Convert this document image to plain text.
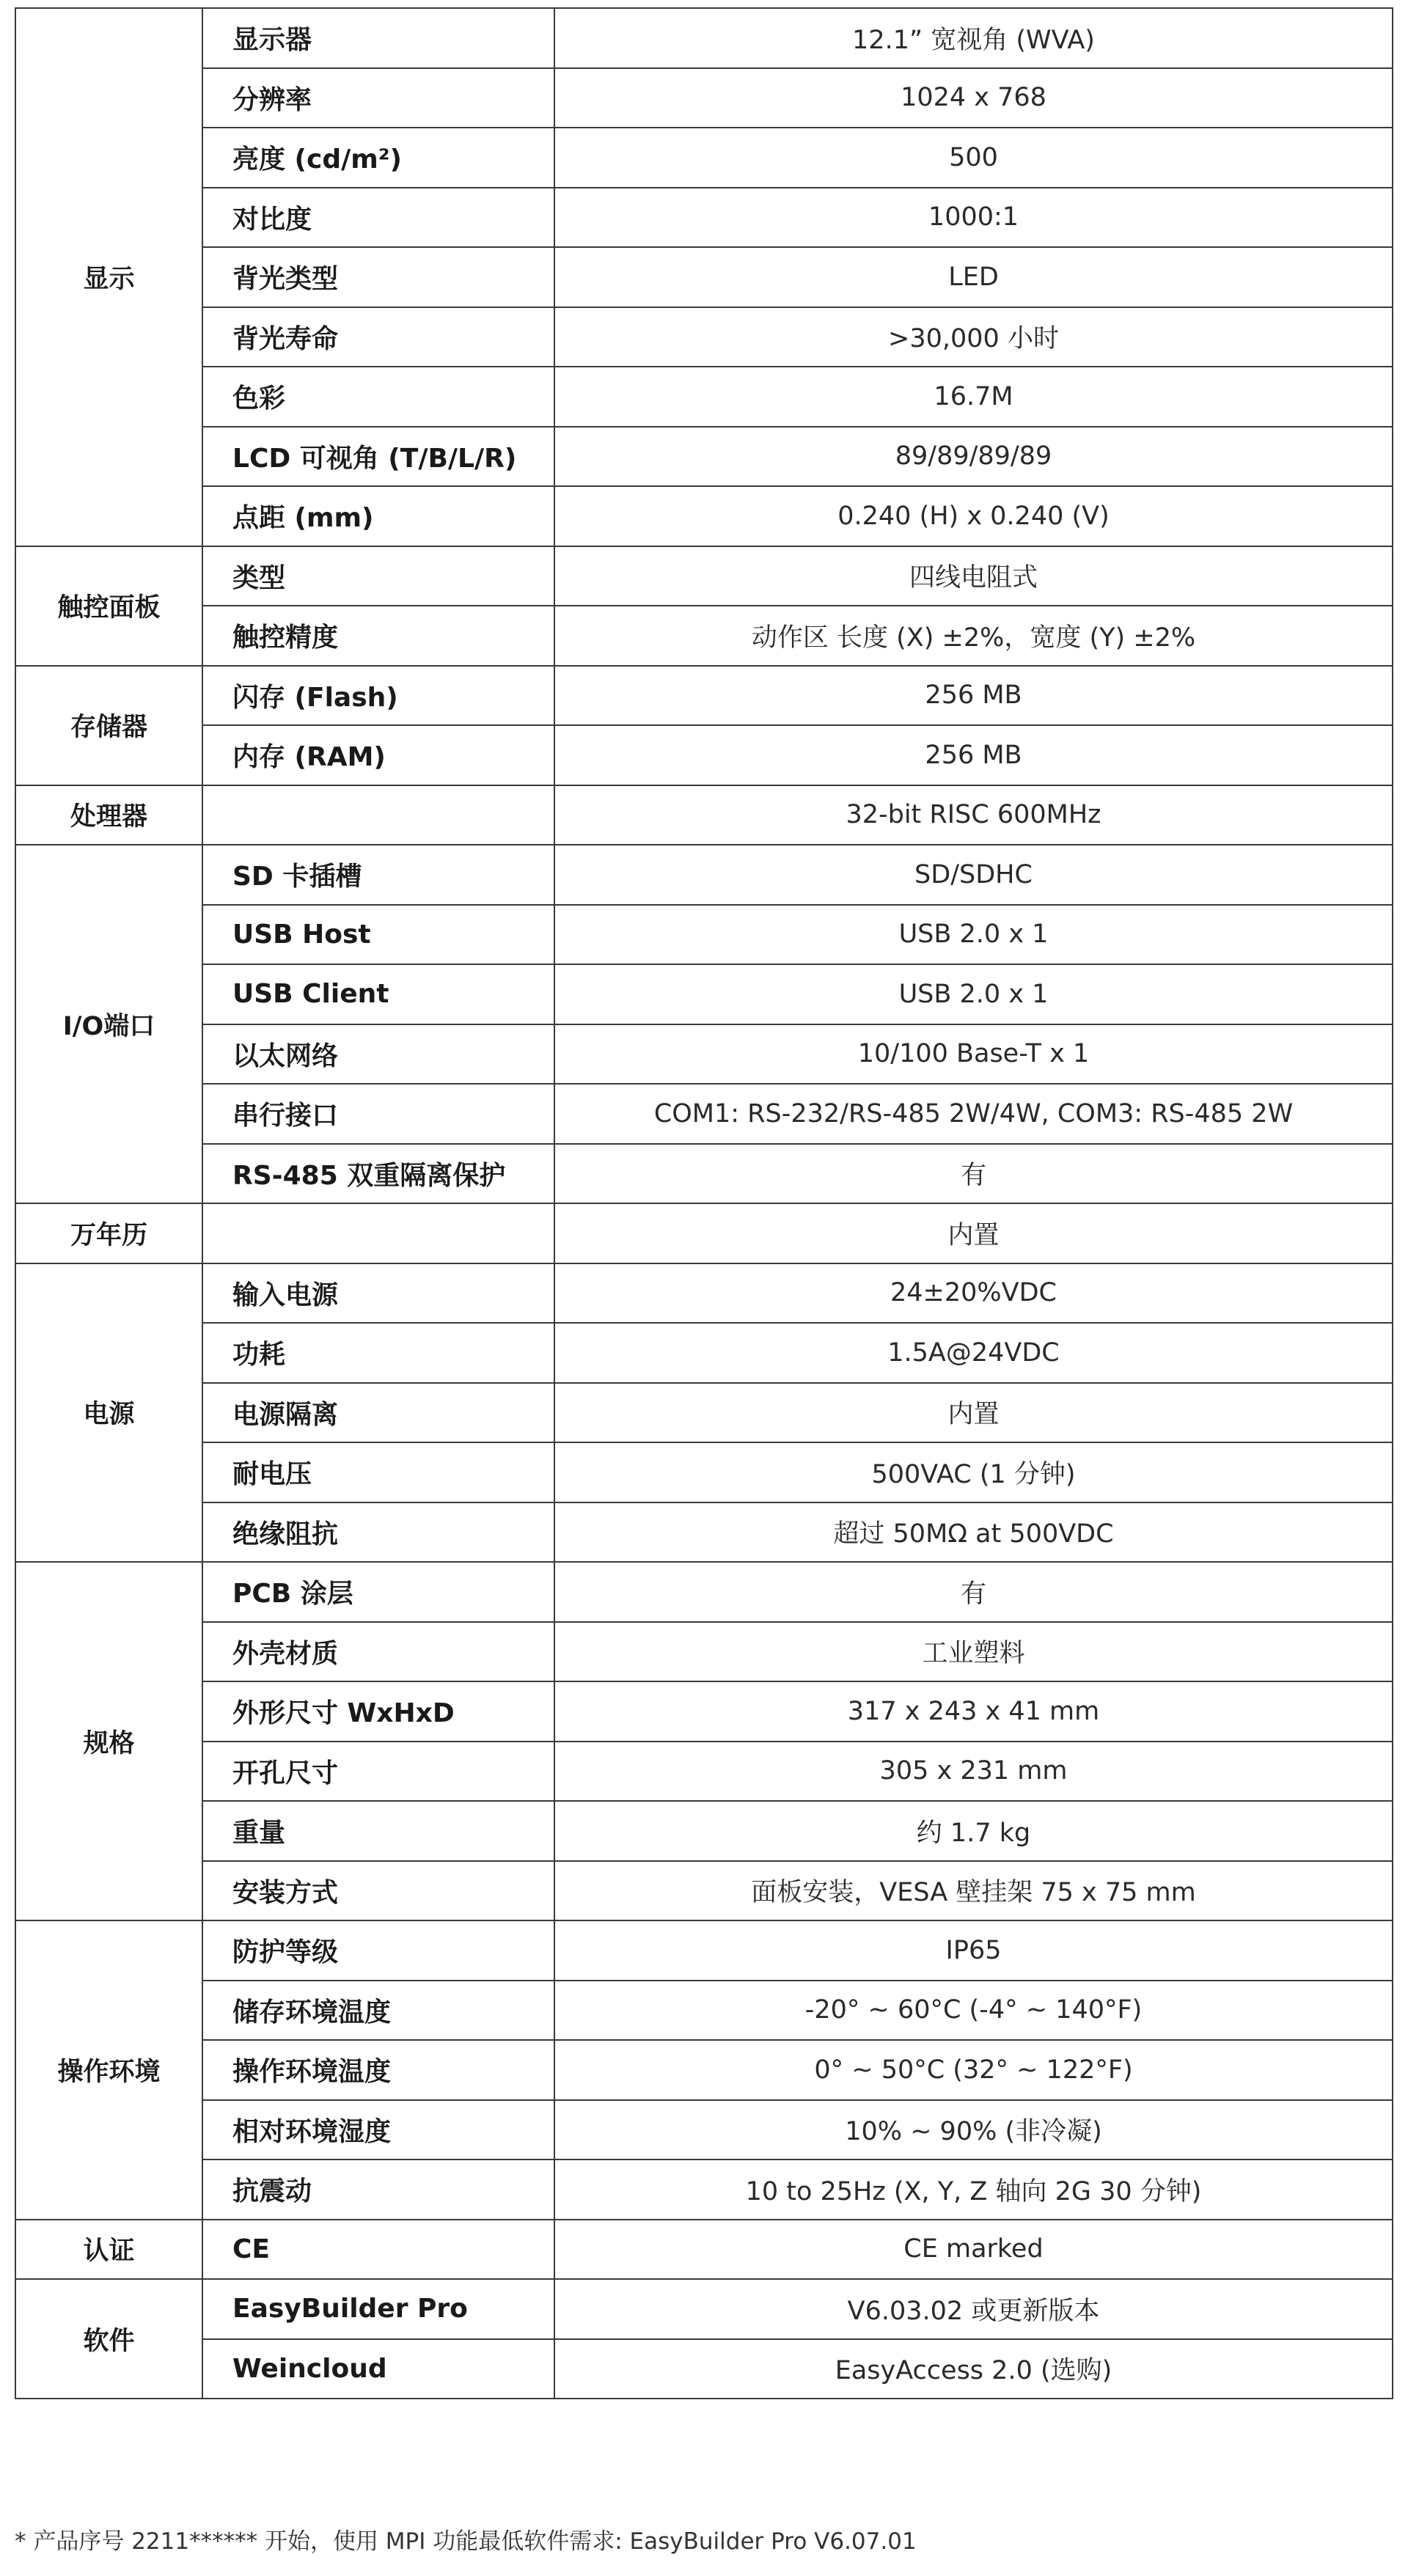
显示	显示器	12.1” 宽视角 (WVA)
	分辨率	1024 x 768
	亮度 (cd/m²)	500
	对比度	1000:1
	背光类型	LED
	背光寿命	>30,000 小时
	色彩	16.7M
	LCD 可视角 (T/B/L/R)	89/89/89/89
	点距 (mm)	0.240 (H) x 0.240 (V)
触控面板	类型	四线电阻式
	触控精度	动作区 长度 (X) ±2%，宽度 (Y) ±2%
存储器	闪存 (Flash)	256 MB
	内存 (RAM)	256 MB
处理器		32-bit RISC 600MHz
I/O端口	SD 卡插槽	SD/SDHC
	USB Host	USB 2.0 x 1
	USB Client	USB 2.0 x 1
	以太网络	10/100 Base-T x 1
	串行接口	COM1: RS-232/RS-485 2W/4W, COM3: RS-485 2W
	RS-485 双重隔离保护	有
万年历		内置
电源	输入电源	24±20%VDC
	功耗	1.5A@24VDC
	电源隔离	内置
	耐电压	500VAC (1 分钟)
	绝缘阻抗	超过 50MΩ at 500VDC
规格	PCB 涂层	有
	外壳材质	工业塑料
	外形尺寸 WxHxD	317 x 243 x 41 mm
	开孔尺寸	305 x 231 mm
	重量	约 1.7 kg
	安装方式	面板安装，VESA 壁挂架 75 x 75 mm
操作环境	防护等级	IP65
	储存环境温度	-20° ~ 60°C (-4° ~ 140°F)
	操作环境温度	0° ~ 50°C (32° ~ 122°F)
	相对环境湿度	10% ~ 90% (非冷凝)
	抗震动	10 to 25Hz (X, Y, Z 轴向 2G 30 分钟)
认证	CE	CE marked
软件	EasyBuilder Pro	V6.03.02 或更新版本
	Weincloud	EasyAccess 2.0 (选购)
* 产品序号 2211****** 开始，使用 MPI 功能最低软件需求: EasyBuilder Pro V6.07.01
